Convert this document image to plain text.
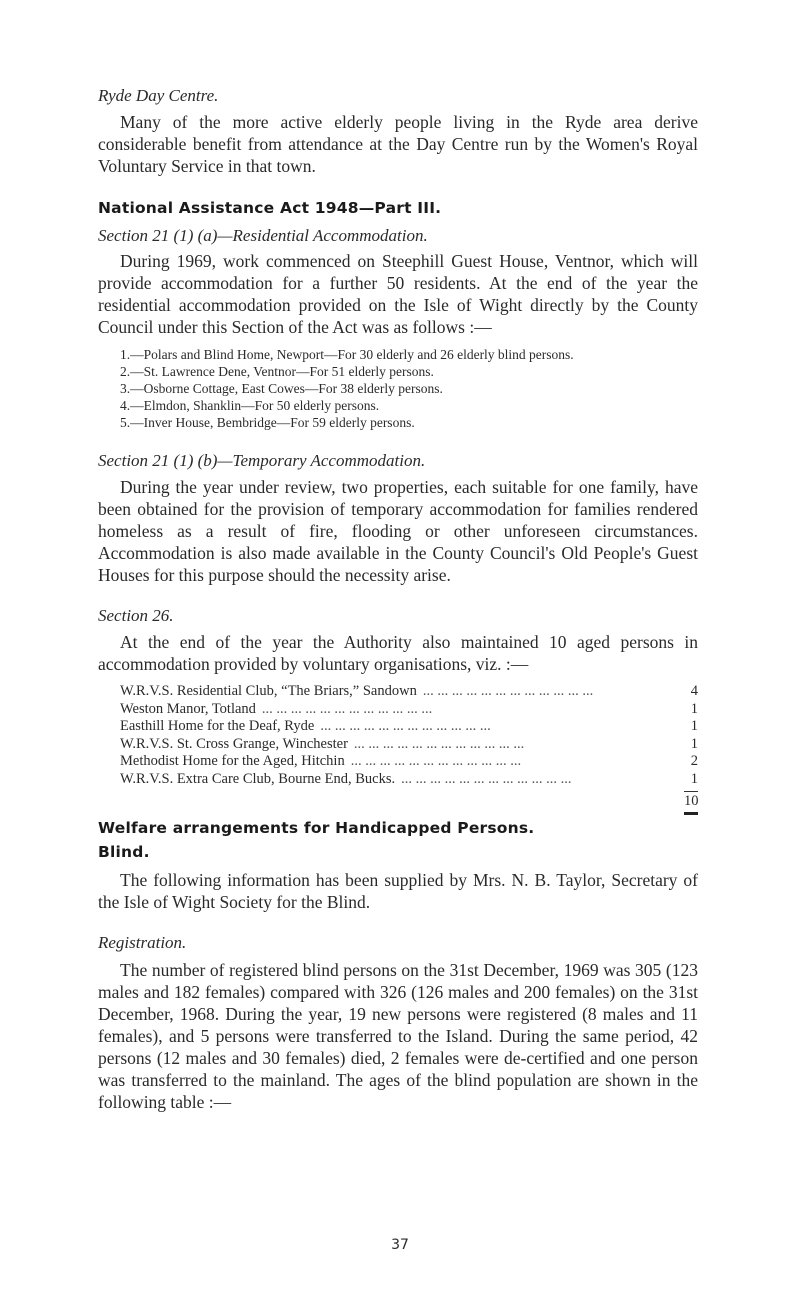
Ryde Day Centre.

Many of the more active elderly people living in the Ryde area derive considerable benefit from attendance at the Day Centre run by the Women's Royal Voluntary Service in that town.

National Assistance Act 1948—Part III.

Section 21 (1) (a)—Residential Accommodation.

During 1969, work commenced on Steephill Guest House, Ventnor, which will provide accommodation for a further 50 residents. At the end of the year the residential accommodation provided on the Isle of Wight directly by the County Council under this Section of the Act was as follows :—

1.—Polars and Blind Home, Newport—For 30 elderly and 26 elderly blind persons.
2.—St. Lawrence Dene, Ventnor—For 51 elderly persons.
3.—Osborne Cottage, East Cowes—For 38 elderly persons.
4.—Elmdon, Shanklin—For 50 elderly persons.
5.—Inver House, Bembridge—For 59 elderly persons.

Section 21 (1) (b)—Temporary Accommodation.

During the year under review, two properties, each suitable for one family, have been obtained for the provision of temporary accommodation for families rendered homeless as a result of fire, flooding or other unforeseen circumstances. Accommodation is also made available in the County Council's Old People's Guest Houses for this purpose should the necessity arise.

Section 26.

At the end of the year the Authority also maintained 10 aged persons in accommodation provided by voluntary organisations, viz. :—

W.R.V.S. Residential Club, “The Briars,” Sandown ... ... ... ... ... ... ... ... ... ... ... ...	4
Weston Manor, Totland ... ... ... ... ... ... ... ... ... ... ... ...	1
Easthill Home for the Deaf, Ryde ... ... ... ... ... ... ... ... ... ... ... ...	1
W.R.V.S. St. Cross Grange, Winchester ... ... ... ... ... ... ... ... ... ... ... ...	1
Methodist Home for the Aged, Hitchin ... ... ... ... ... ... ... ... ... ... ... ...	2
W.R.V.S. Extra Care Club, Bourne End, Bucks. ... ... ... ... ... ... ... ... ... ... ... ...	1
10

Welfare arrangements for Handicapped Persons.

Blind.

The following information has been supplied by Mrs. N. B. Taylor, Secretary of the Isle of Wight Society for the Blind.

Registration.

The number of registered blind persons on the 31st December, 1969 was 305 (123 males and 182 females) compared with 326 (126 males and 200 females) on the 31st December, 1968. During the year, 19 new persons were registered (8 males and 11 females), and 5 persons were transferred to the Island. During the same period, 42 persons (12 males and 30 females) died, 2 females were de-certified and one person was transferred to the mainland. The ages of the blind population are shown in the following table :—

37
